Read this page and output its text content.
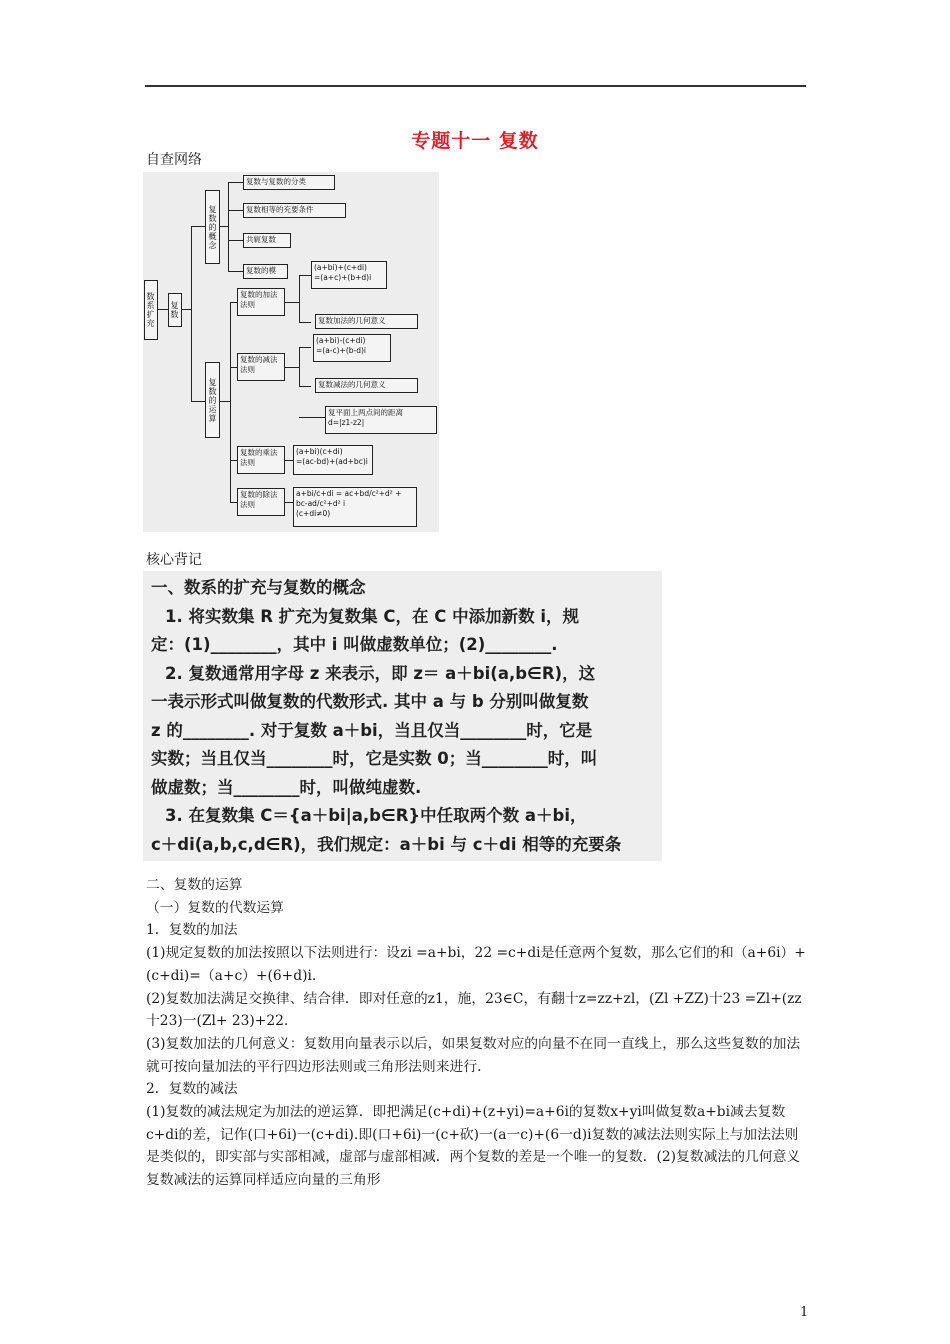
专题十一 复数
自查网络
数系扩充	复数
复数的概念
复数与复数的分类
复数相等的充要条件
共轭复数
复数的模
复数的运算
复数的加法法则
(a+bi)+(c+di)
=(a+c)+(b+d)i
复数加法的几何意义
复数的减法法则
(a+bi)-(c+di)
=(a-c)+(b-d)i
复数减法的几何意义
复平面上两点间的距离
d=|z1-z2|
复数的乘法法则
(a+bi)(c+di)
=(ac-bd)+(ad+bc)i
复数的除法法则
a+bi/c+di = ac+bd/c²+d² + bc-ad/c²+d² i
(c+di≠0)
核心背记
一、数系的扩充与复数的概念
1. 将实数集 R 扩充为复数集 C，在 C 中添加新数 i，规
定：(1)________，其中 i 叫做虚数单位；(2)________.
2. 复数通常用字母 z 来表示，即 z＝ a＋bi(a,b∈R)，这
一表示形式叫做复数的代数形式. 其中 a 与 b 分别叫做复数
z 的________. 对于复数 a＋bi，当且仅当________时，它是
实数；当且仅当________时，它是实数 0；当________时，叫
做虚数；当________时，叫做纯虚数.
3. 在复数集 C＝{a＋bi|a,b∈R}中任取两个数 a＋bi，
c＋di(a,b,c,d∈R)，我们规定：a＋bi 与 c＋di 相等的充要条

二、复数的运算

（一）复数的代数运算

1．复数的加法

(1)规定复数的加法按照以下法则进行：设zi =a+bi，22 =c+di是任意两个复数，那么它们的和（a+6i）+(c+di)=（a+c）+(6+d)i.

(2)复数加法满足交换律、结合律．即对任意的z1，施，23∈C，有翻十z=zz+zl，(Zl +ZZ)十23 =Zl+(zz十23)一(Zl+ 23)+22.

(3)复数加法的几何意义：复数用向量表示以后，如果复数对应的向量不在同一直线上，那么这些复数的加法就可按向量加法的平行四边形法则或三角形法则来进行.

2．复数的减法

(1)复数的减法规定为加法的逆运算．即把满足(c+di)+(z+yi)=a+6i的复数x+yi叫做复数a+bi减去复数c+di的差，记作(口+6i)一(c+di).即(口+6i)一(c+砍)一(a一c)+(6一d)i复数的减法法则实际上与加法法则是类似的，即实部与实部相减，虚部与虚部相减．两个复数的差是一个唯一的复数．(2)复数减法的几何意义复数减法的运算同样适应向量的三角形

1
